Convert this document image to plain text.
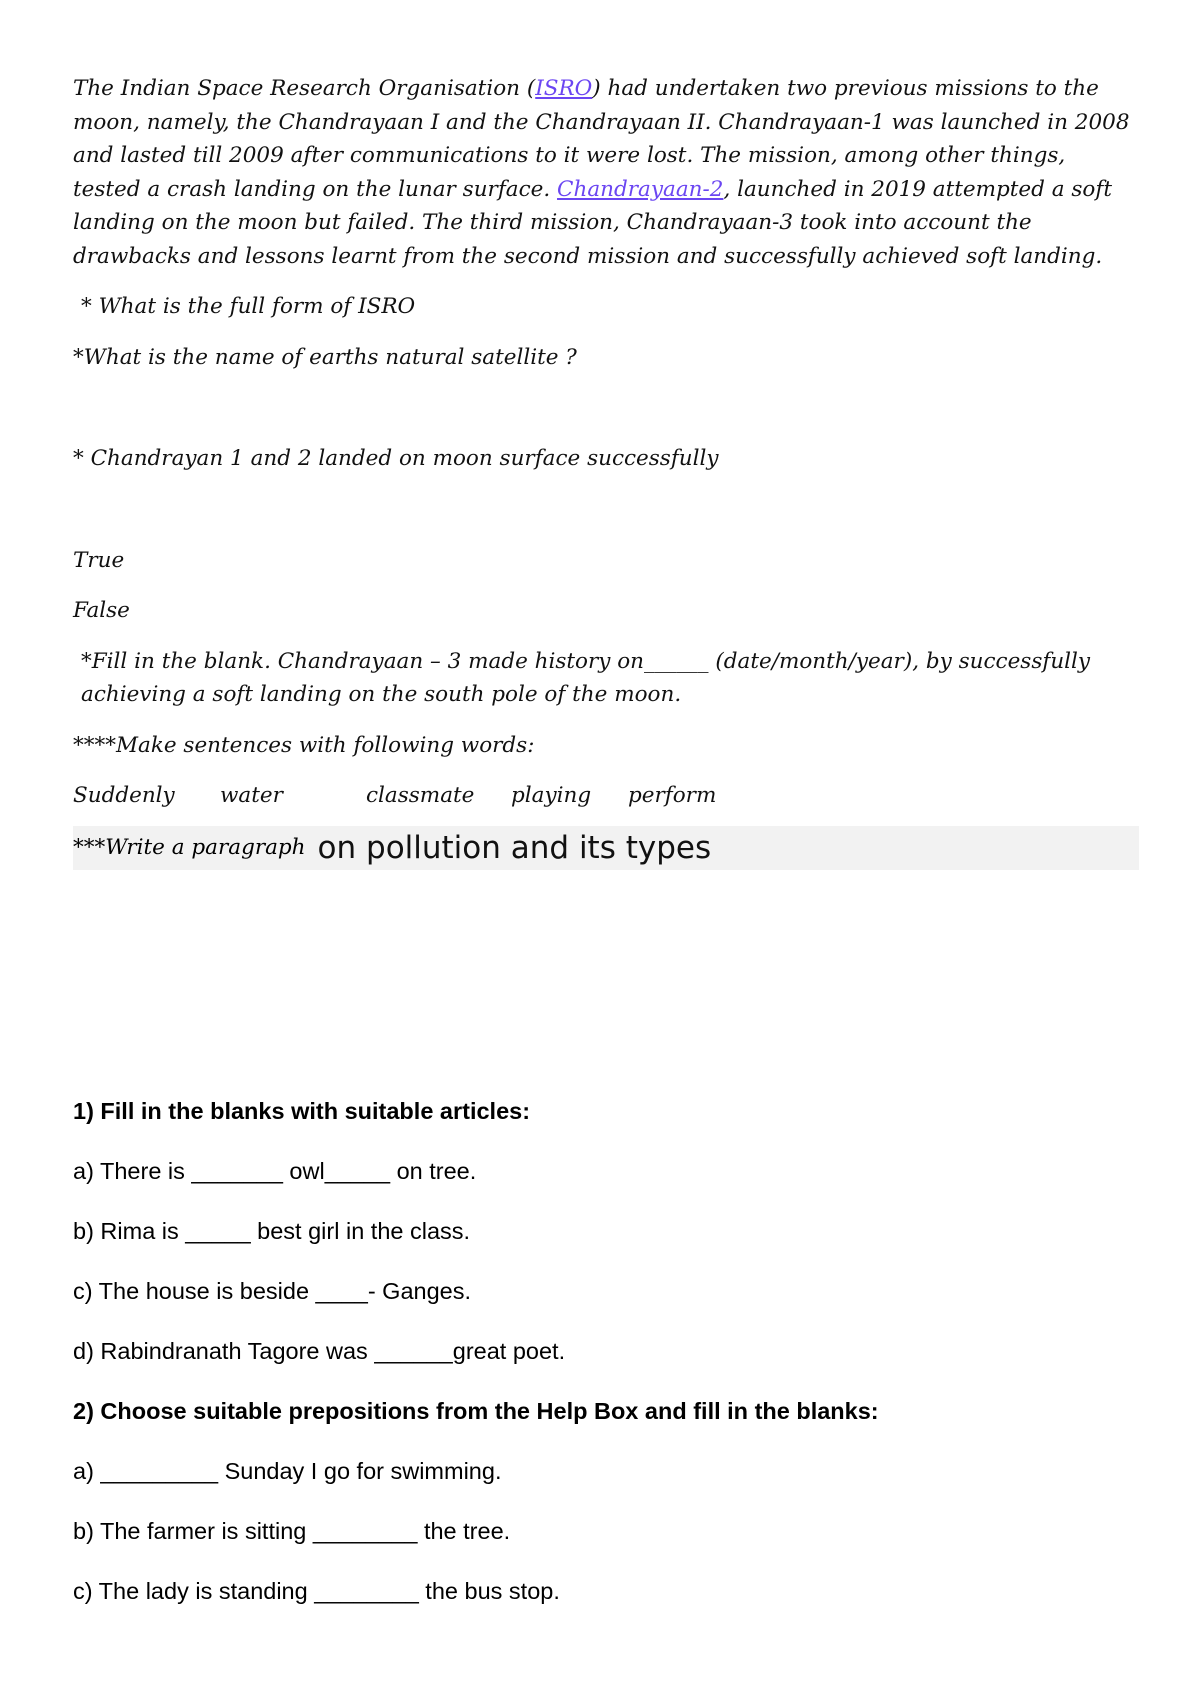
The Indian Space Research Organisation (ISRO) had undertaken two previous missions to the moon, namely, the Chandrayaan I and the Chandrayaan II. Chandrayaan-1 was launched in 2008 and lasted till 2009 after communications to it were lost. The mission, among other things, tested a crash landing on the lunar surface. Chandrayaan-2, launched in 2019 attempted a soft landing on the moon but failed. The third mission, Chandrayaan-3 took into account the drawbacks and lessons learnt from the second mission and successfully achieved soft landing.

* What is the full form of ISRO

*What is the name of earths natural satellite ?

* Chandrayan 1 and 2 landed on moon surface successfully

True

False

*Fill in the blank. Chandrayaan – 3 made history on______ (date/month/year), by successfully achieving a soft landing on the south pole of the moon.

****Make sentences with following words:

Suddenly water	classmate playing perform

***Write a paragraph on pollution and its types

1) Fill in the blanks with suitable articles:

a) There is _______ owl_____ on tree.

b) Rima is _____ best girl in the class.

c) The house is beside ____- Ganges.

d) Rabindranath Tagore was ______great poet.

2) Choose suitable prepositions from the Help Box and fill in the blanks:

a) _________ Sunday I go for swimming.

b) The farmer is sitting ________ the tree.

c) The lady is standing ________ the bus stop.
